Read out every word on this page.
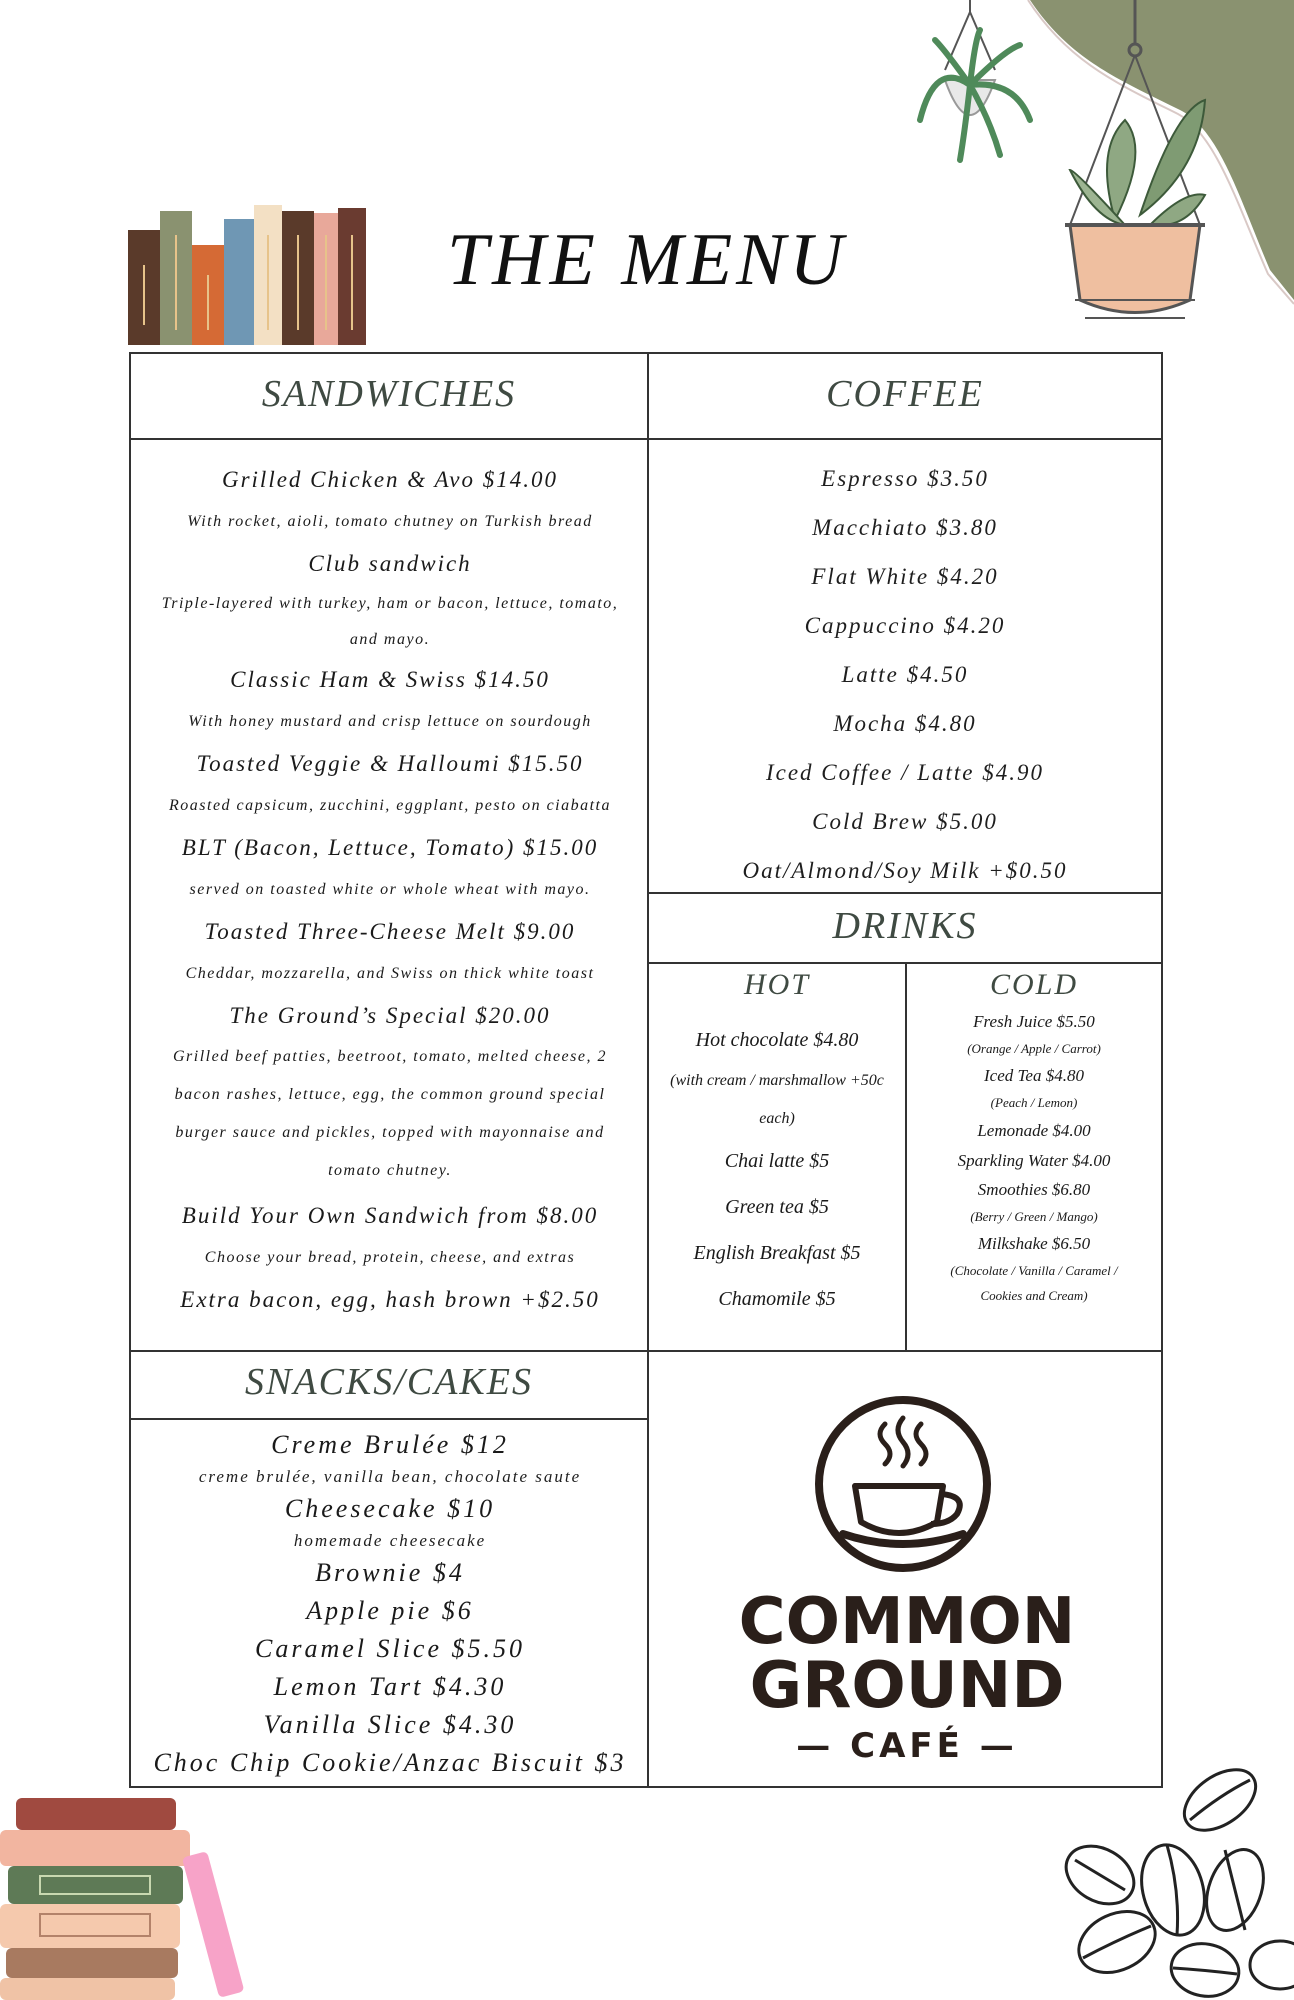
THE MENU
SANDWICHES	COFFEE
DRINKS
HOT	COLD
SNACKS/CAKES
Grilled Chicken & Avo $14.00
With rocket, aioli, tomato chutney on Turkish bread
Club sandwich
Triple-layered with turkey, ham or bacon, lettuce, tomato, and mayo.
Classic Ham & Swiss $14.50
With honey mustard and crisp lettuce on sourdough
Toasted Veggie & Halloumi $15.50
Roasted capsicum, zucchini, eggplant, pesto on ciabatta
BLT (Bacon, Lettuce, Tomato) $15.00
served on toasted white or whole wheat with mayo.
Toasted Three-Cheese Melt $9.00
Cheddar, mozzarella, and Swiss on thick white toast
The Ground’s Special $20.00
Grilled beef patties, beetroot, tomato, melted cheese, 2 bacon rashes, lettuce, egg, the common ground special burger sauce and pickles, topped with mayonnaise and tomato chutney.
Build Your Own Sandwich from $8.00
Choose your bread, protein, cheese, and extras
Extra bacon, egg, hash brown +$2.50
Espresso $3.50
Macchiato $3.80
Flat White $4.20
Cappuccino $4.20
Latte $4.50
Mocha $4.80
Iced Coffee / Latte $4.90
Cold Brew $5.00
Oat/Almond/Soy Milk +$0.50
Hot chocolate $4.80
(with cream / marshmallow +50c each)
Chai latte $5
Green tea $5
English Breakfast $5
Chamomile $5
Fresh Juice $5.50
(Orange / Apple / Carrot)
Iced Tea $4.80
(Peach / Lemon)
Lemonade $4.00
Sparkling Water $4.00
Smoothies $6.80
(Berry / Green / Mango)
Milkshake $6.50
(Chocolate / Vanilla / Caramel / Cookies and Cream)
Creme Brulée $12
creme brulée, vanilla bean, chocolate saute
Cheesecake $10
homemade cheesecake
Brownie $4
Apple pie $6
Caramel Slice $5.50
Lemon Tart $4.30
Vanilla Slice $4.30
Choc Chip Cookie/Anzac Biscuit $3
COMMON
GROUND
— CAFÉ —
